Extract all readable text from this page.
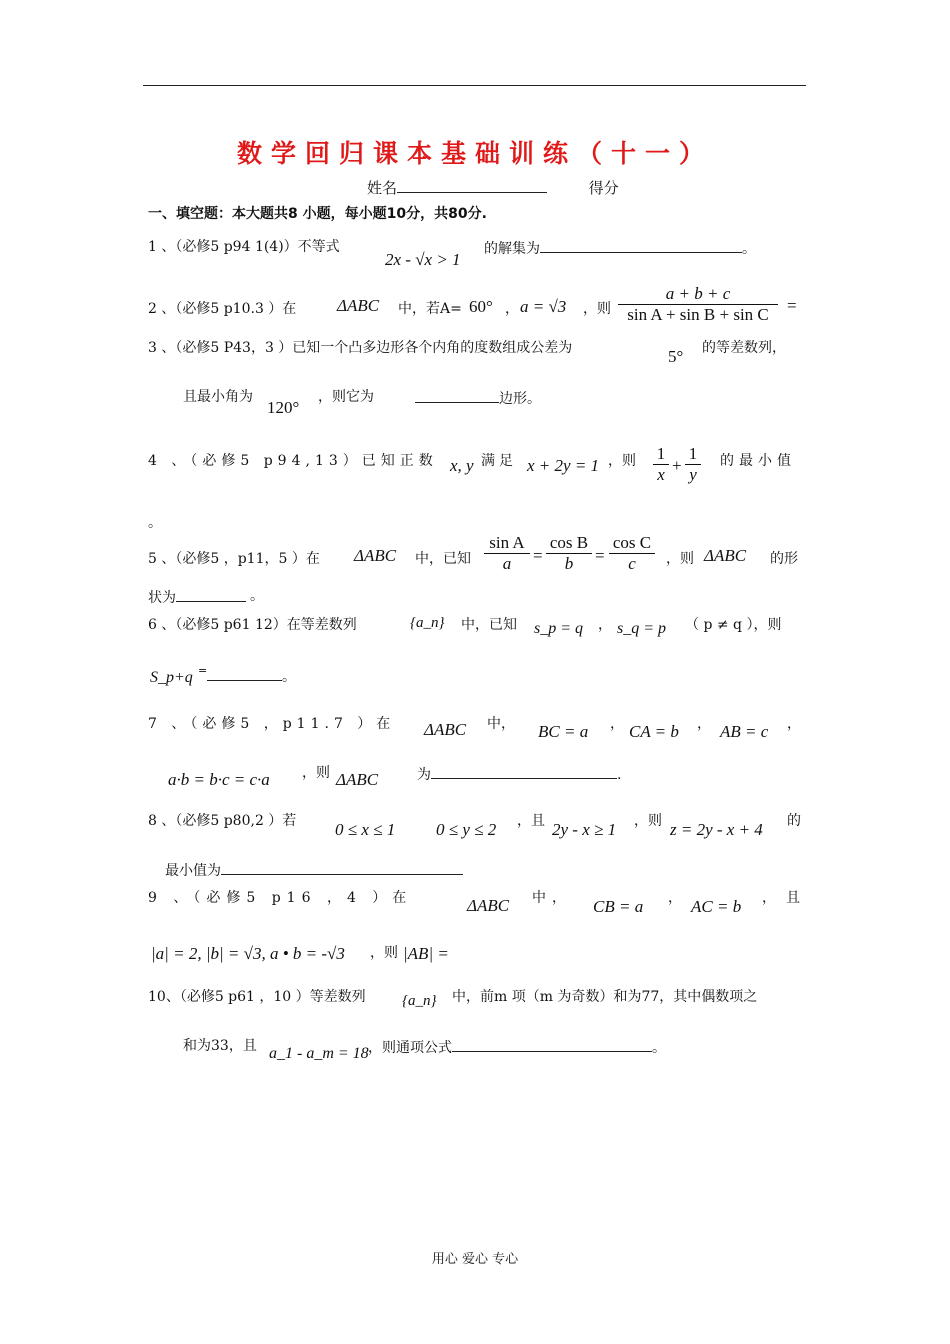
数学回归课本基础训练（十一）
姓名	得分
一、填空题：本大题共8 小题，每小题10分，共80分.
1 、（必修5 p94 1(4)）不等式
2x - √x > 1
的解集为	。
2 、（必修5 p10.3 ）在 ΔABC 中，若A= 60° ， a = √3 ，则 $\frac{a + b + c}{\text{sin A + sin B + sin C}}$ =
3 、（必修5 P43，3 ）已知一个凸多边形各个内角的度数组成公差为	5° 的等差数列，
且最小角为
120°
，则它为	边形。
4 、（必修5 p94,13）已知正数 x, y 满足 x + 2y = 1 ，则 $\frac{1}{x} + \frac{1}{y}$ 的最小值
。
5 、（必修5 ，p11，5 ）在 ΔABC 中，已知 $\frac{\text{sin A}}{a} = \frac{\text{cos B}}{b} = \frac{\text{cos C}}{c}$ ，则 ΔABC 的形
状为	。
6 、（必修5 p61 12）在等差数列	{a_n} 中，已知 s_p = q ， s_q = p （ p ≠ q ），则
S_p+q =	。
7 、（必修5 ，p11.7 ）在	中，
ΔABC	BC = a ， CA = b ， AB = c ，
a·b = b·c = c·a ，则 ΔABC	为	.
8 、（必修5 p80,2 ）若 0 ≤ x ≤ 1 0 ≤ y ≤ 2 ，且 2y - x ≥ 1 ，则 z = 2y - x + 4 的
最小值为
9 、（必修5 p16 ，4 ）在	ΔABC 中， CB = a ， AC = b ，且
|a| = 2, |b| = √3, a • b = -√3 ，则 |AB| =
10、（必修5 p61 ，10 ）等差数列 {a_n} 中，前m 项（m 为奇数）和为77，其中偶数项之
和为33，且 a_1 - a_m = 18 ，则通项公式	。
用心 爱心 专心
